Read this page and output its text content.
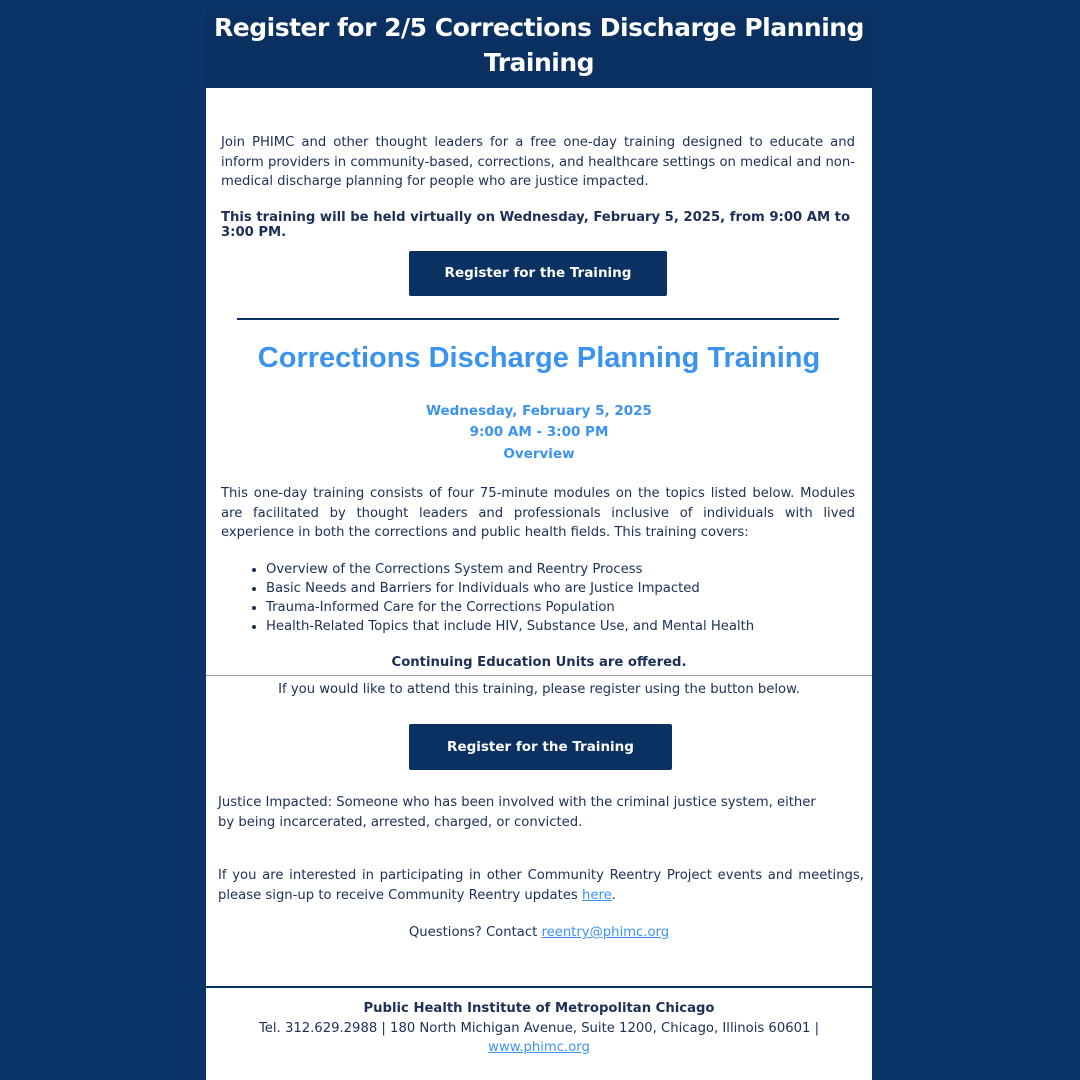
Register for 2/5 Corrections Discharge Planning
Training
Join PHIMC and other thought leaders for a free one-day training designed to educate and inform providers in community-based, corrections, and healthcare settings on medical and non-medical discharge planning for people who are justice impacted.
This training will be held virtually on Wednesday, February 5, 2025, from 9:00 AM to 3:00 PM.
Register for the Training
Corrections Discharge Planning Training
Wednesday, February 5, 2025
9:00 AM - 3:00 PM
Overview
This one-day training consists of four 75-minute modules on the topics listed below. Modules are facilitated by thought leaders and professionals inclusive of individuals with lived experience in both the corrections and public health fields. This training covers:
• Overview of the Corrections System and Reentry Process
• Basic Needs and Barriers for Individuals who are Justice Impacted
• Trauma-Informed Care for the Corrections Population
• Health-Related Topics that include HIV, Substance Use, and Mental Health
Continuing Education Units are offered.
If you would like to attend this training, please register using the button below.
Register for the Training
Justice Impacted: Someone who has been involved with the criminal justice system, either by being incarcerated, arrested, charged, or convicted.
If you are interested in participating in other Community Reentry Project events and meetings, please sign-up to receive Community Reentry updates here.
Questions? Contact reentry@phimc.org
Public Health Institute of Metropolitan Chicago
Tel. 312.629.2988 | 180 North Michigan Avenue, Suite 1200, Chicago, Illinois 60601 |
www.phimc.org
